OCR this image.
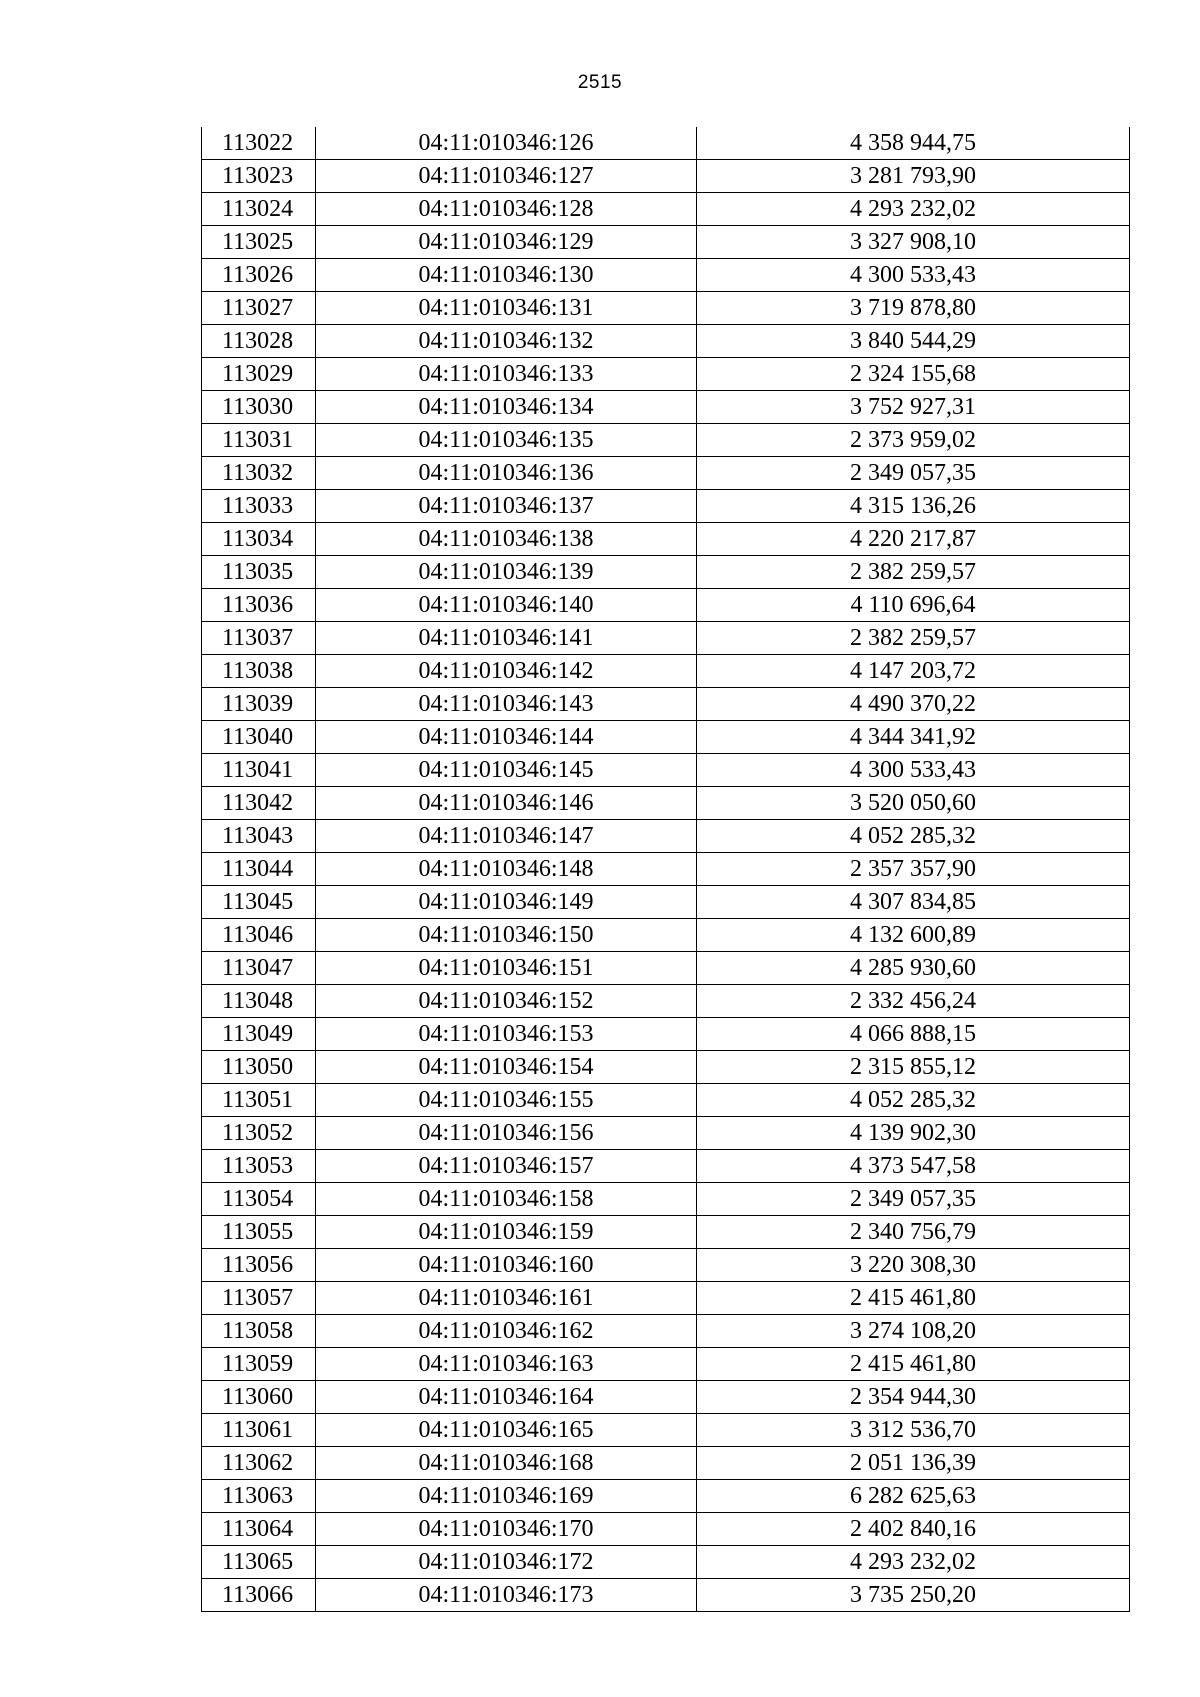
2515
113022	04:11:010346:126	4 358 944,75
113023	04:11:010346:127	3 281 793,90
113024	04:11:010346:128	4 293 232,02
113025	04:11:010346:129	3 327 908,10
113026	04:11:010346:130	4 300 533,43
113027	04:11:010346:131	3 719 878,80
113028	04:11:010346:132	3 840 544,29
113029	04:11:010346:133	2 324 155,68
113030	04:11:010346:134	3 752 927,31
113031	04:11:010346:135	2 373 959,02
113032	04:11:010346:136	2 349 057,35
113033	04:11:010346:137	4 315 136,26
113034	04:11:010346:138	4 220 217,87
113035	04:11:010346:139	2 382 259,57
113036	04:11:010346:140	4 110 696,64
113037	04:11:010346:141	2 382 259,57
113038	04:11:010346:142	4 147 203,72
113039	04:11:010346:143	4 490 370,22
113040	04:11:010346:144	4 344 341,92
113041	04:11:010346:145	4 300 533,43
113042	04:11:010346:146	3 520 050,60
113043	04:11:010346:147	4 052 285,32
113044	04:11:010346:148	2 357 357,90
113045	04:11:010346:149	4 307 834,85
113046	04:11:010346:150	4 132 600,89
113047	04:11:010346:151	4 285 930,60
113048	04:11:010346:152	2 332 456,24
113049	04:11:010346:153	4 066 888,15
113050	04:11:010346:154	2 315 855,12
113051	04:11:010346:155	4 052 285,32
113052	04:11:010346:156	4 139 902,30
113053	04:11:010346:157	4 373 547,58
113054	04:11:010346:158	2 349 057,35
113055	04:11:010346:159	2 340 756,79
113056	04:11:010346:160	3 220 308,30
113057	04:11:010346:161	2 415 461,80
113058	04:11:010346:162	3 274 108,20
113059	04:11:010346:163	2 415 461,80
113060	04:11:010346:164	2 354 944,30
113061	04:11:010346:165	3 312 536,70
113062	04:11:010346:168	2 051 136,39
113063	04:11:010346:169	6 282 625,63
113064	04:11:010346:170	2 402 840,16
113065	04:11:010346:172	4 293 232,02
113066	04:11:010346:173	3 735 250,20
